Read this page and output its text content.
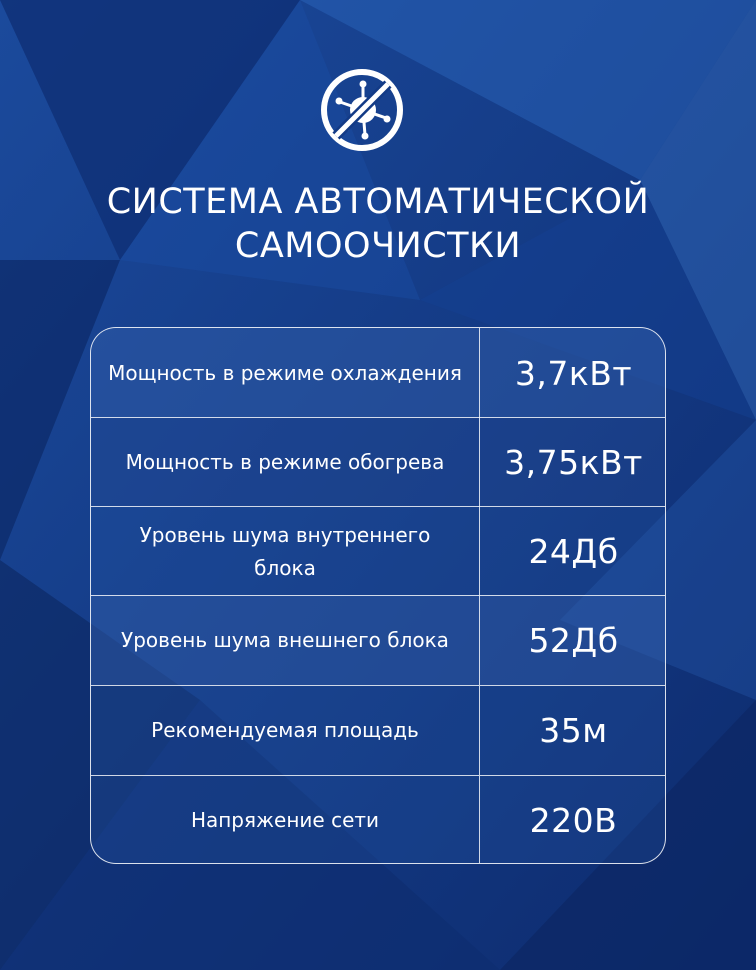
СИСТЕМА АВТОМАТИЧЕСКОЙ
САМООЧИСТКИ
Мощность в режиме охлаждения	3,7кВт
Мощность в режиме обогрева	3,75кВт
Уровень шума внутреннего блока	24Дб
Уровень шума внешнего блока	52Дб
Рекомендуемая площадь	35м
Напряжение сети	220В
